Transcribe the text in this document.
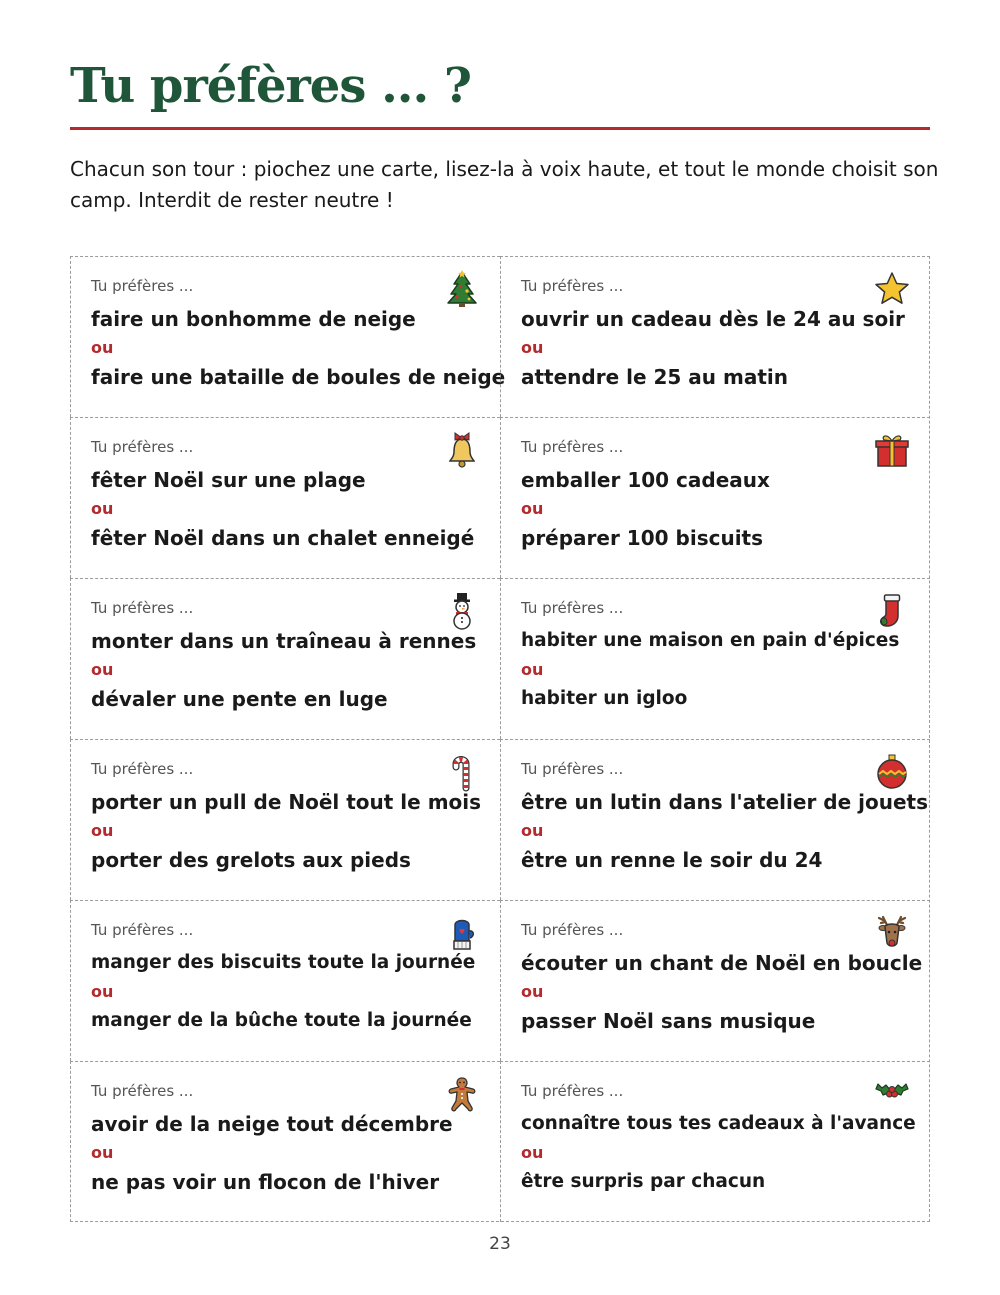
Tu préfères ... ?
Chacun son tour : piochez une carte, lisez-la à voix haute, et tout le monde choisit son camp. Interdit de rester neutre !
Tu préfères ...
faire un bonhomme de neige
ou
faire une bataille de boules de neige
Tu préfères ...
ouvrir un cadeau dès le 24 au soir
ou
attendre le 25 au matin
Tu préfères ...
fêter Noël sur une plage
ou
fêter Noël dans un chalet enneigé
Tu préfères ...
emballer 100 cadeaux
ou
préparer 100 biscuits
Tu préfères ...
monter dans un traîneau à rennes
ou
dévaler une pente en luge
Tu préfères ...
habiter une maison en pain d'épices
ou
habiter un igloo
Tu préfères ...
porter un pull de Noël tout le mois
ou
porter des grelots aux pieds
Tu préfères ...
être un lutin dans l'atelier de jouets
ou
être un renne le soir du 24
Tu préfères ...
manger des biscuits toute la journée
ou
manger de la bûche toute la journée
Tu préfères ...
écouter un chant de Noël en boucle
ou
passer Noël sans musique
Tu préfères ...
avoir de la neige tout décembre
ou
ne pas voir un flocon de l'hiver
Tu préfères ...
connaître tous tes cadeaux à l'avance
ou
être surpris par chacun
23
